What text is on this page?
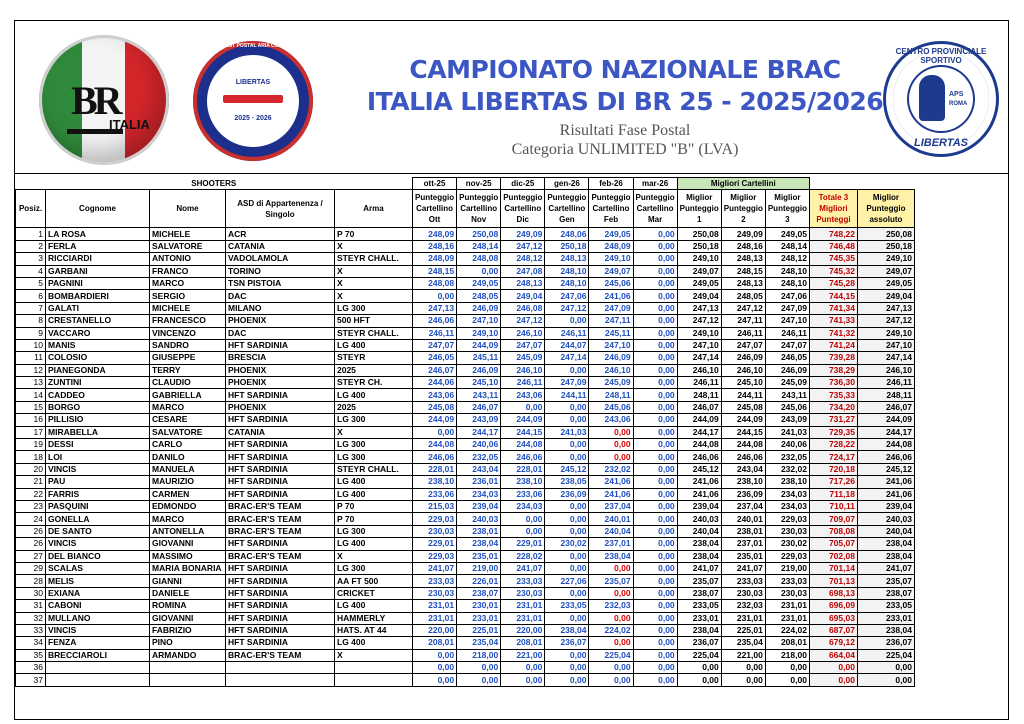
BR
ITALIA
BENCH REST POSTAL ARIA COMPRESSA
LIBERTAS
2025 · 2026
CAMPIONATO NAZIONALE BRAC
ITALIA LIBERTAS DI BR 25 - 2025/2026
Risultati Fase Postal
Categoria UNLIMITED "B" (LVA)
CENTRO PROVINCIALE SPORTIVO
APS
ROMA
LIBERTAS
SHOOTERS					ott-25	nov-25	dic-25	gen-26	feb-26	mar-26	Migliori Cartellini				
Posiz.	Cognome	Nome	ASD di Appartenenza / Singolo	Arma	Punteggio Cartellino Ott	Punteggio Cartellino Nov	Punteggio Cartellino Dic	Punteggio Cartellino Gen	Punteggio Cartellino Feb	Punteggio Cartellino Mar	Miglior Punteggio 1	Miglior Punteggio 2	Miglior Punteggio 3	Totale 3 Migliori Punteggi	Miglior Punteggio assoluto
1	LA ROSA	MICHELE	ACR	P 70	248,09	250,08	249,09	248,06	249,05	0,00	250,08	249,09	249,05	748,22	250,08
2	FERLA	SALVATORE	CATANIA	X	248,16	248,14	247,12	250,18	248,09	0,00	250,18	248,16	248,14	746,48	250,18
3	RICCIARDI	ANTONIO	VADOLAMOLA	STEYR CHALL.	248,09	248,08	248,12	248,13	249,10	0,00	249,10	248,13	248,12	745,35	249,10
4	GARBANI	FRANCO	TORINO	X	248,15	0,00	247,08	248,10	249,07	0,00	249,07	248,15	248,10	745,32	249,07
5	PAGNINI	MARCO	TSN PISTOIA	X	248,08	249,05	248,13	248,10	245,06	0,00	249,05	248,13	248,10	745,28	249,05
6	BOMBARDIERI	SERGIO	DAC	X	0,00	248,05	249,04	247,06	241,06	0,00	249,04	248,05	247,06	744,15	249,04
7	GALATI	MICHELE	MILANO	LG 300	247,13	246,09	246,08	247,12	247,09	0,00	247,13	247,12	247,09	741,34	247,13
8	CRESTANELLO	FRANCESCO	PHOENIX	500 HFT	246,06	247,10	247,12	0,00	247,11	0,00	247,12	247,11	247,10	741,33	247,12
9	VACCARO	VINCENZO	DAC	STEYR CHALL.	246,11	249,10	246,10	246,11	245,11	0,00	249,10	246,11	246,11	741,32	249,10
10	MANIS	SANDRO	HFT SARDINIA	LG 400	247,07	244,09	247,07	244,07	247,10	0,00	247,10	247,07	247,07	741,24	247,10
11	COLOSIO	GIUSEPPE	BRESCIA	STEYR	246,05	245,11	245,09	247,14	246,09	0,00	247,14	246,09	246,05	739,28	247,14
12	PIANEGONDA	TERRY	PHOENIX	2025	246,07	246,09	246,10	0,00	246,10	0,00	246,10	246,10	246,09	738,29	246,10
13	ZUNTINI	CLAUDIO	PHOENIX	STEYR CH.	244,06	245,10	246,11	247,09	245,09	0,00	246,11	245,10	245,09	736,30	246,11
14	CADDEO	GABRIELLA	HFT SARDINIA	LG 400	243,06	243,11	243,06	244,11	248,11	0,00	248,11	244,11	243,11	735,33	248,11
15	BORGO	MARCO	PHOENIX	2025	245,08	246,07	0,00	0,00	245,06	0,00	246,07	245,08	245,06	734,20	246,07
16	PILLISIO	CESARE	HFT SARDINIA	LG 300	244,09	243,09	244,09	0,00	243,06	0,00	244,09	244,09	243,09	731,27	244,09
17	MIRABELLA	SALVATORE	CATANIA	X	0,00	244,17	244,15	241,03	0,00	0,00	244,17	244,15	241,03	729,35	244,17
19	DESSI	CARLO	HFT SARDINIA	LG 300	244,08	240,06	244,08	0,00	0,00	0,00	244,08	244,08	240,06	728,22	244,08
18	LOI	DANILO	HFT SARDINIA	LG 300	246,06	232,05	246,06	0,00	0,00	0,00	246,06	246,06	232,05	724,17	246,06
20	VINCIS	MANUELA	HFT SARDINIA	STEYR CHALL.	228,01	243,04	228,01	245,12	232,02	0,00	245,12	243,04	232,02	720,18	245,12
21	PAU	MAURIZIO	HFT SARDINIA	LG 400	238,10	236,01	238,10	238,05	241,06	0,00	241,06	238,10	238,10	717,26	241,06
22	FARRIS	CARMEN	HFT SARDINIA	LG 400	233,06	234,03	233,06	236,09	241,06	0,00	241,06	236,09	234,03	711,18	241,06
23	PASQUINI	EDMONDO	BRAC-ER'S TEAM	P 70	215,03	239,04	234,03	0,00	237,04	0,00	239,04	237,04	234,03	710,11	239,04
24	GONELLA	MARCO	BRAC-ER'S TEAM	P 70	229,03	240,03	0,00	0,00	240,01	0,00	240,03	240,01	229,03	709,07	240,03
26	DE SANTO	ANTONELLA	BRAC-ER'S TEAM	LG 300	230,03	238,01	0,00	0,00	240,04	0,00	240,04	238,01	230,03	708,08	240,04
26	VINCIS	GIOVANNI	HFT SARDINIA	LG 400	229,01	238,04	229,01	230,02	237,01	0,00	238,04	237,01	230,02	705,07	238,04
27	DEL BIANCO	MASSIMO	BRAC-ER'S TEAM	X	229,03	235,01	228,02	0,00	238,04	0,00	238,04	235,01	229,03	702,08	238,04
29	SCALAS	MARIA BONARIA	HFT SARDINIA	LG 300	241,07	219,00	241,07	0,00	0,00	0,00	241,07	241,07	219,00	701,14	241,07
28	MELIS	GIANNI	HFT SARDINIA	AA FT 500	233,03	226,01	233,03	227,06	235,07	0,00	235,07	233,03	233,03	701,13	235,07
30	EXIANA	DANIELE	HFT SARDINIA	CRICKET	230,03	238,07	230,03	0,00	0,00	0,00	238,07	230,03	230,03	698,13	238,07
31	CABONI	ROMINA	HFT SARDINIA	LG 400	231,01	230,01	231,01	233,05	232,03	0,00	233,05	232,03	231,01	696,09	233,05
32	MULLANO	GIOVANNI	HFT SARDINIA	HAMMERLY	231,01	233,01	231,01	0,00	0,00	0,00	233,01	231,01	231,01	695,03	233,01
33	VINCIS	FABRIZIO	HFT SARDINIA	HATS. AT 44	220,00	225,01	220,00	238,04	224,02	0,00	238,04	225,01	224,02	687,07	238,04
34	FENZA	PINO	HFT SARDINIA	LG 400	208,01	235,04	208,01	236,07	0,00	0,00	236,07	235,04	208,01	679,12	236,07
35	BRECCIAROLI	ARMANDO	BRAC-ER'S TEAM	X	0,00	218,00	221,00	0,00	225,04	0,00	225,04	221,00	218,00	664,04	225,04
36					0,00	0,00	0,00	0,00	0,00	0,00	0,00	0,00	0,00	0,00	0,00
37					0,00	0,00	0,00	0,00	0,00	0,00	0,00	0,00	0,00	0,00	0,00
